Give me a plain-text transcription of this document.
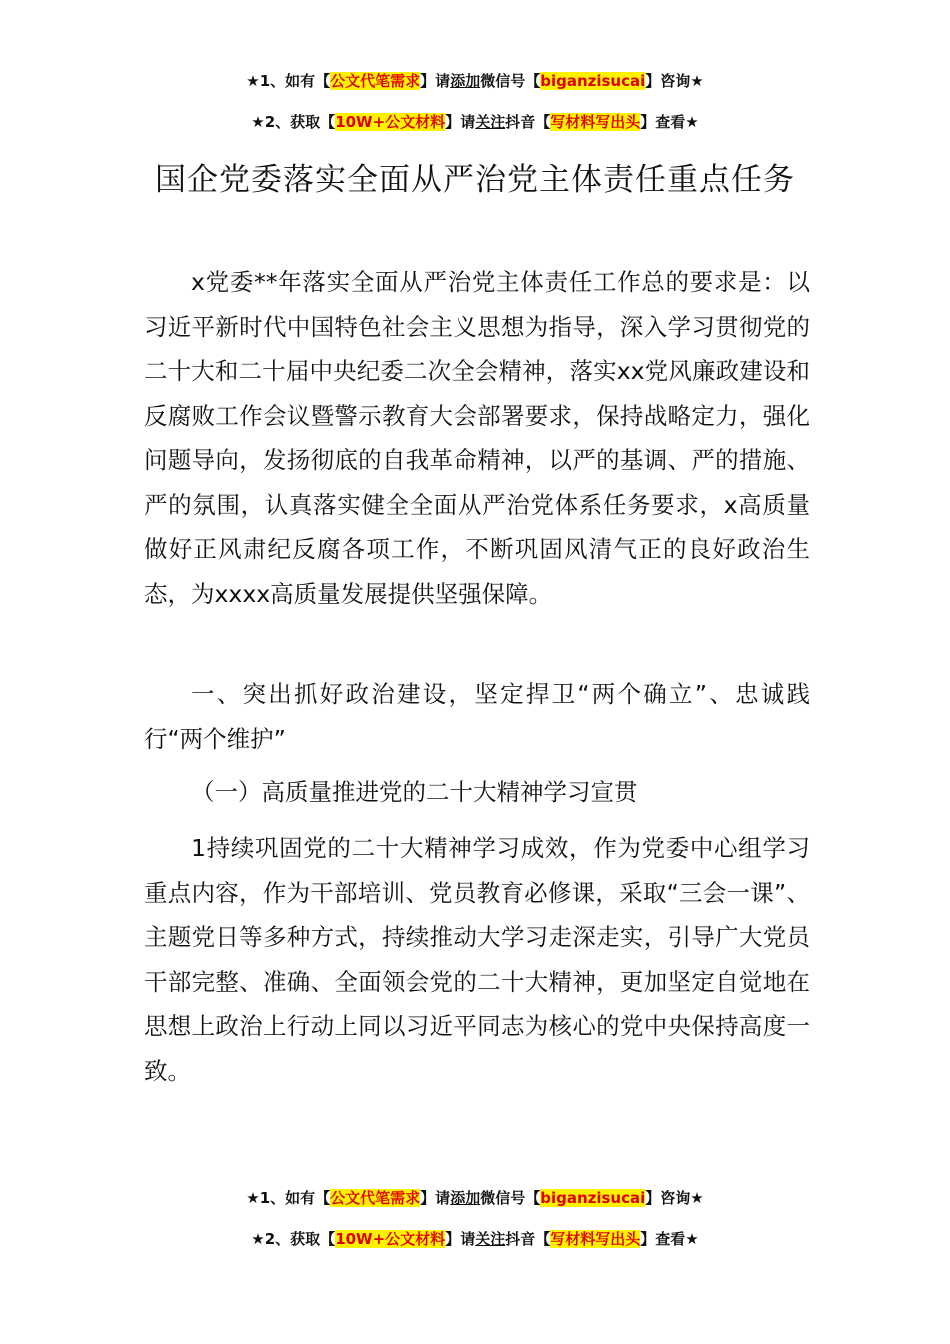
★1、如有【公文代笔需求】请添加微信号【biganzisucai】咨询★
★2、获取【10W+公文材料】请关注抖音【写材料写出头】查看★
国企党委落实全面从严治党主体责任重点任务

x党委**年落实全面从严治党主体责任工作总的要求是：以习近平新时代中国特色社会主义思想为指导，深入学习贯彻党的二十大和二十届中央纪委二次全会精神，落实xx党风廉政建设和反腐败工作会议暨警示教育大会部署要求，保持战略定力，强化问题导向，发扬彻底的自我革命精神，以严的基调、严的措施、严的氛围，认真落实健全全面从严治党体系任务要求，x高质量做好正风肃纪反腐各项工作，不断巩固风清气正的良好政治生态，为xxxx高质量发展提供坚强保障。

一、突出抓好政治建设，坚定捍卫“两个确立”、忠诚践行“两个维护”

（一）高质量推进党的二十大精神学习宣贯

1持续巩固党的二十大精神学习成效，作为党委中心组学习重点内容，作为干部培训、党员教育必修课，采取“三会一课”、主题党日等多种方式，持续推动大学习走深走实，引导广大党员干部完整、准确、全面领会党的二十大精神，更加坚定自觉地在思想上政治上行动上同以习近平同志为核心的党中央保持高度一致。

★1、如有【公文代笔需求】请添加微信号【biganzisucai】咨询★
★2、获取【10W+公文材料】请关注抖音【写材料写出头】查看★
